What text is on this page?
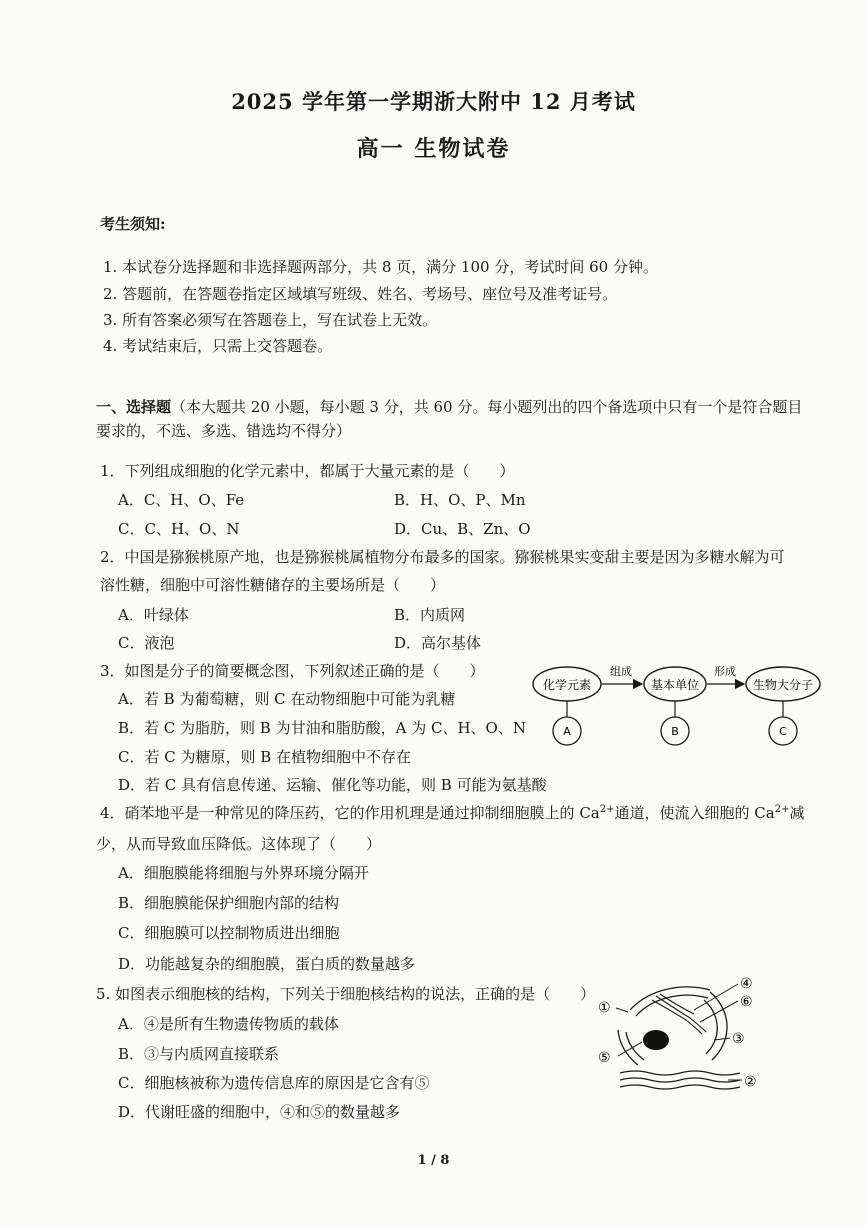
2025 学年第一学期浙大附中 12 月考试
高一 生物试卷
考生须知:
1. 本试卷分选择题和非选择题两部分，共 8 页，满分 100 分，考试时间 60 分钟。
2. 答题前，在答题卷指定区域填写班级、姓名、考场号、座位号及准考证号。
3. 所有答案必须写在答题卷上，写在试卷上无效。
4. 考试结束后，只需上交答题卷。
一、选择题（本大题共 20 小题，每小题 3 分，共 60 分。每小题列出的四个备选项中只有一个是符合题目
要求的，不选、多选、错选均不得分）
1．下列组成细胞的化学元素中，都属于大量元素的是（　　）
A．C、H、O、Fe	B．H、O、P、Mn
C．C、H、O、N	D．Cu、B、Zn、O
2．中国是猕猴桃原产地，也是猕猴桃属植物分布最多的国家。猕猴桃果实变甜主要是因为多糖水解为可
溶性糖，细胞中可溶性糖储存的主要场所是（　　）
A．叶绿体	B．内质网
C．液泡	D．高尔基体
3．如图是分子的简要概念图，下列叙述正确的是（　　）
A．若 B 为葡萄糖，则 C 在动物细胞中可能为乳糖
B．若 C 为脂肪，则 B 为甘油和脂肪酸，A 为 C、H、O、N
C．若 C 为糖原，则 B 在植物细胞中不存在
D．若 C 具有信息传递、运输、催化等功能，则 B 可能为氨基酸
化学元素	基本单位	生物大分子
组成	形成
A	B	C
4．硝苯地平是一种常见的降压药，它的作用机理是通过抑制细胞膜上的 $Ca^{2+}$通道，使流入细胞的 $Ca^{2+}$减
少，从而导致血压降低。这体现了（　　）
A．细胞膜能将细胞与外界环境分隔开
B．细胞膜能保护细胞内部的结构
C．细胞膜可以控制物质进出细胞
D．功能越复杂的细胞膜，蛋白质的数量越多
5. 如图表示细胞核的结构，下列关于细胞核结构的说法，正确的是（　　）
A．④是所有生物遗传物质的载体
B．③与内质网直接联系
C．细胞核被称为遗传信息库的原因是它含有⑤
D．代谢旺盛的细胞中，④和⑤的数量越多
④
⑥
③
①
⑤
②
1 / 8
